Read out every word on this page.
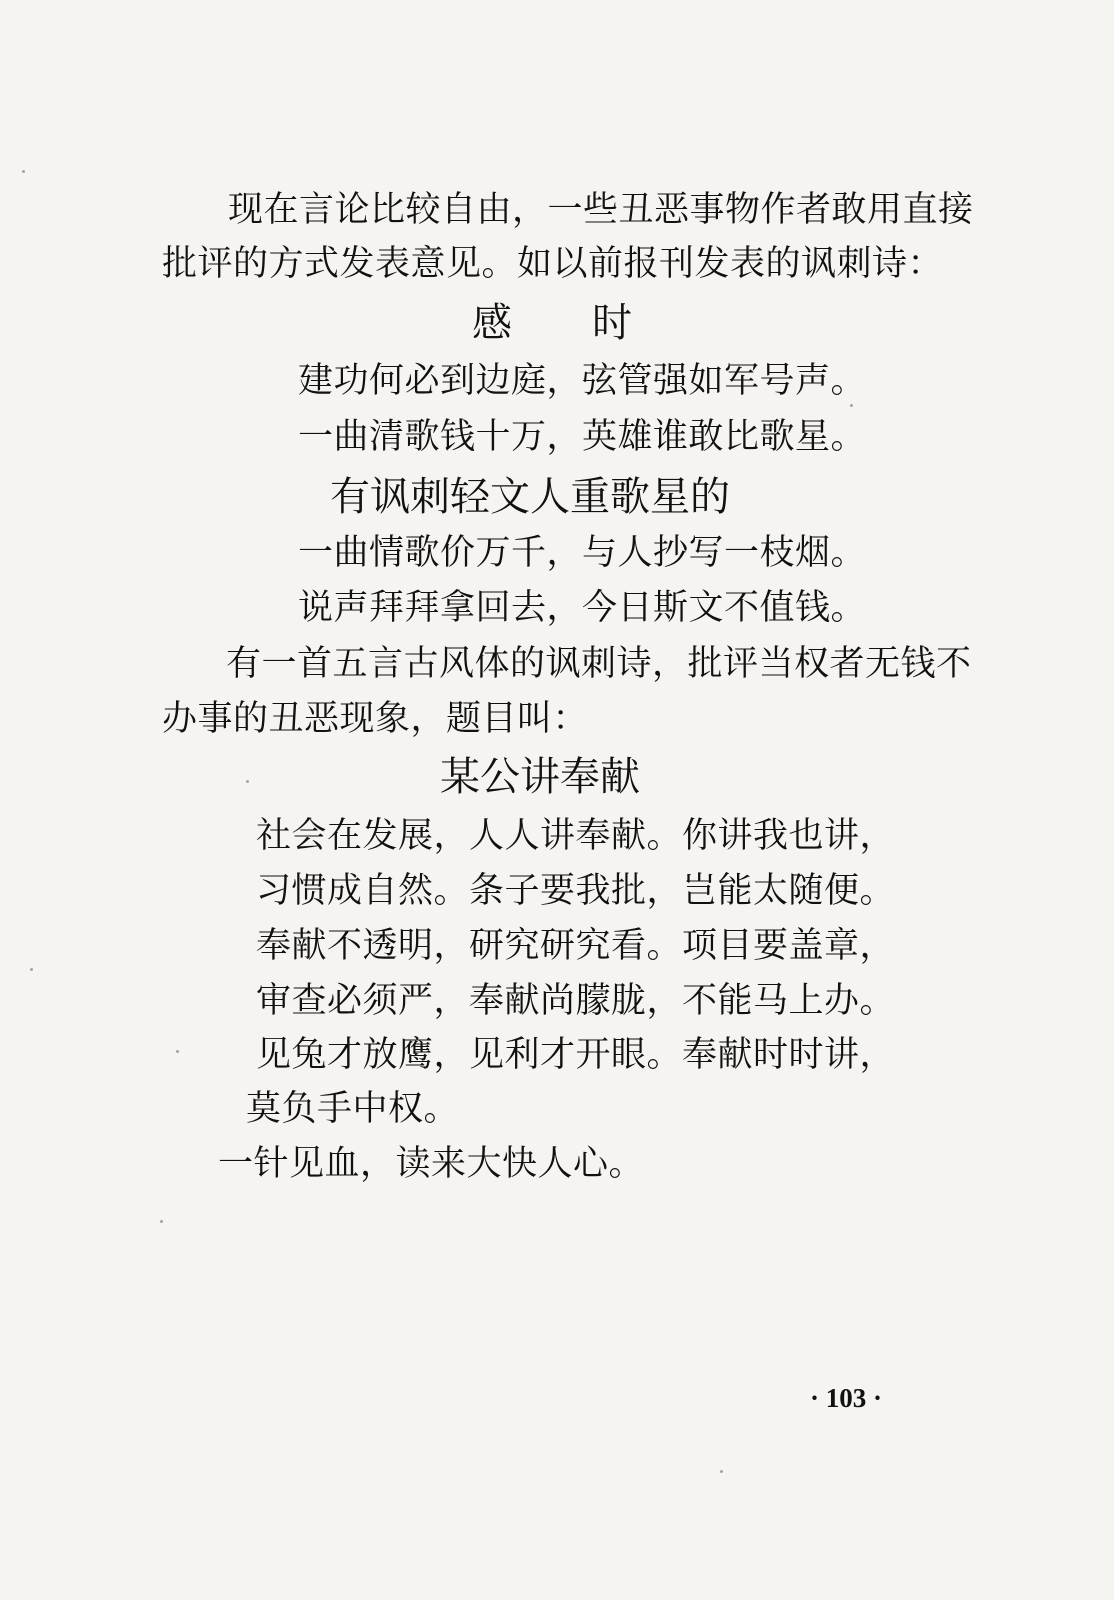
现在言论比较自由，一些丑恶事物作者敢用直接
批评的方式发表意见。如以前报刊发表的讽刺诗：
感　　时
建功何必到边庭，弦管强如军号声。
一曲清歌钱十万，英雄谁敢比歌星。
有讽刺轻文人重歌星的
一曲情歌价万千，与人抄写一枝烟。
说声拜拜拿回去，今日斯文不值钱。
有一首五言古风体的讽刺诗，批评当权者无钱不
办事的丑恶现象，题目叫：
某公讲奉献
社会在发展，人人讲奉献。你讲我也讲，
习惯成自然。条子要我批，岂能太随便。
奉献不透明，研究研究看。项目要盖章，
审查必须严，奉献尚朦胧，不能马上办。
见兔才放鹰，见利才开眼。奉献时时讲，
莫负手中权。
一针见血，读来大快人心。
· 103 ·
